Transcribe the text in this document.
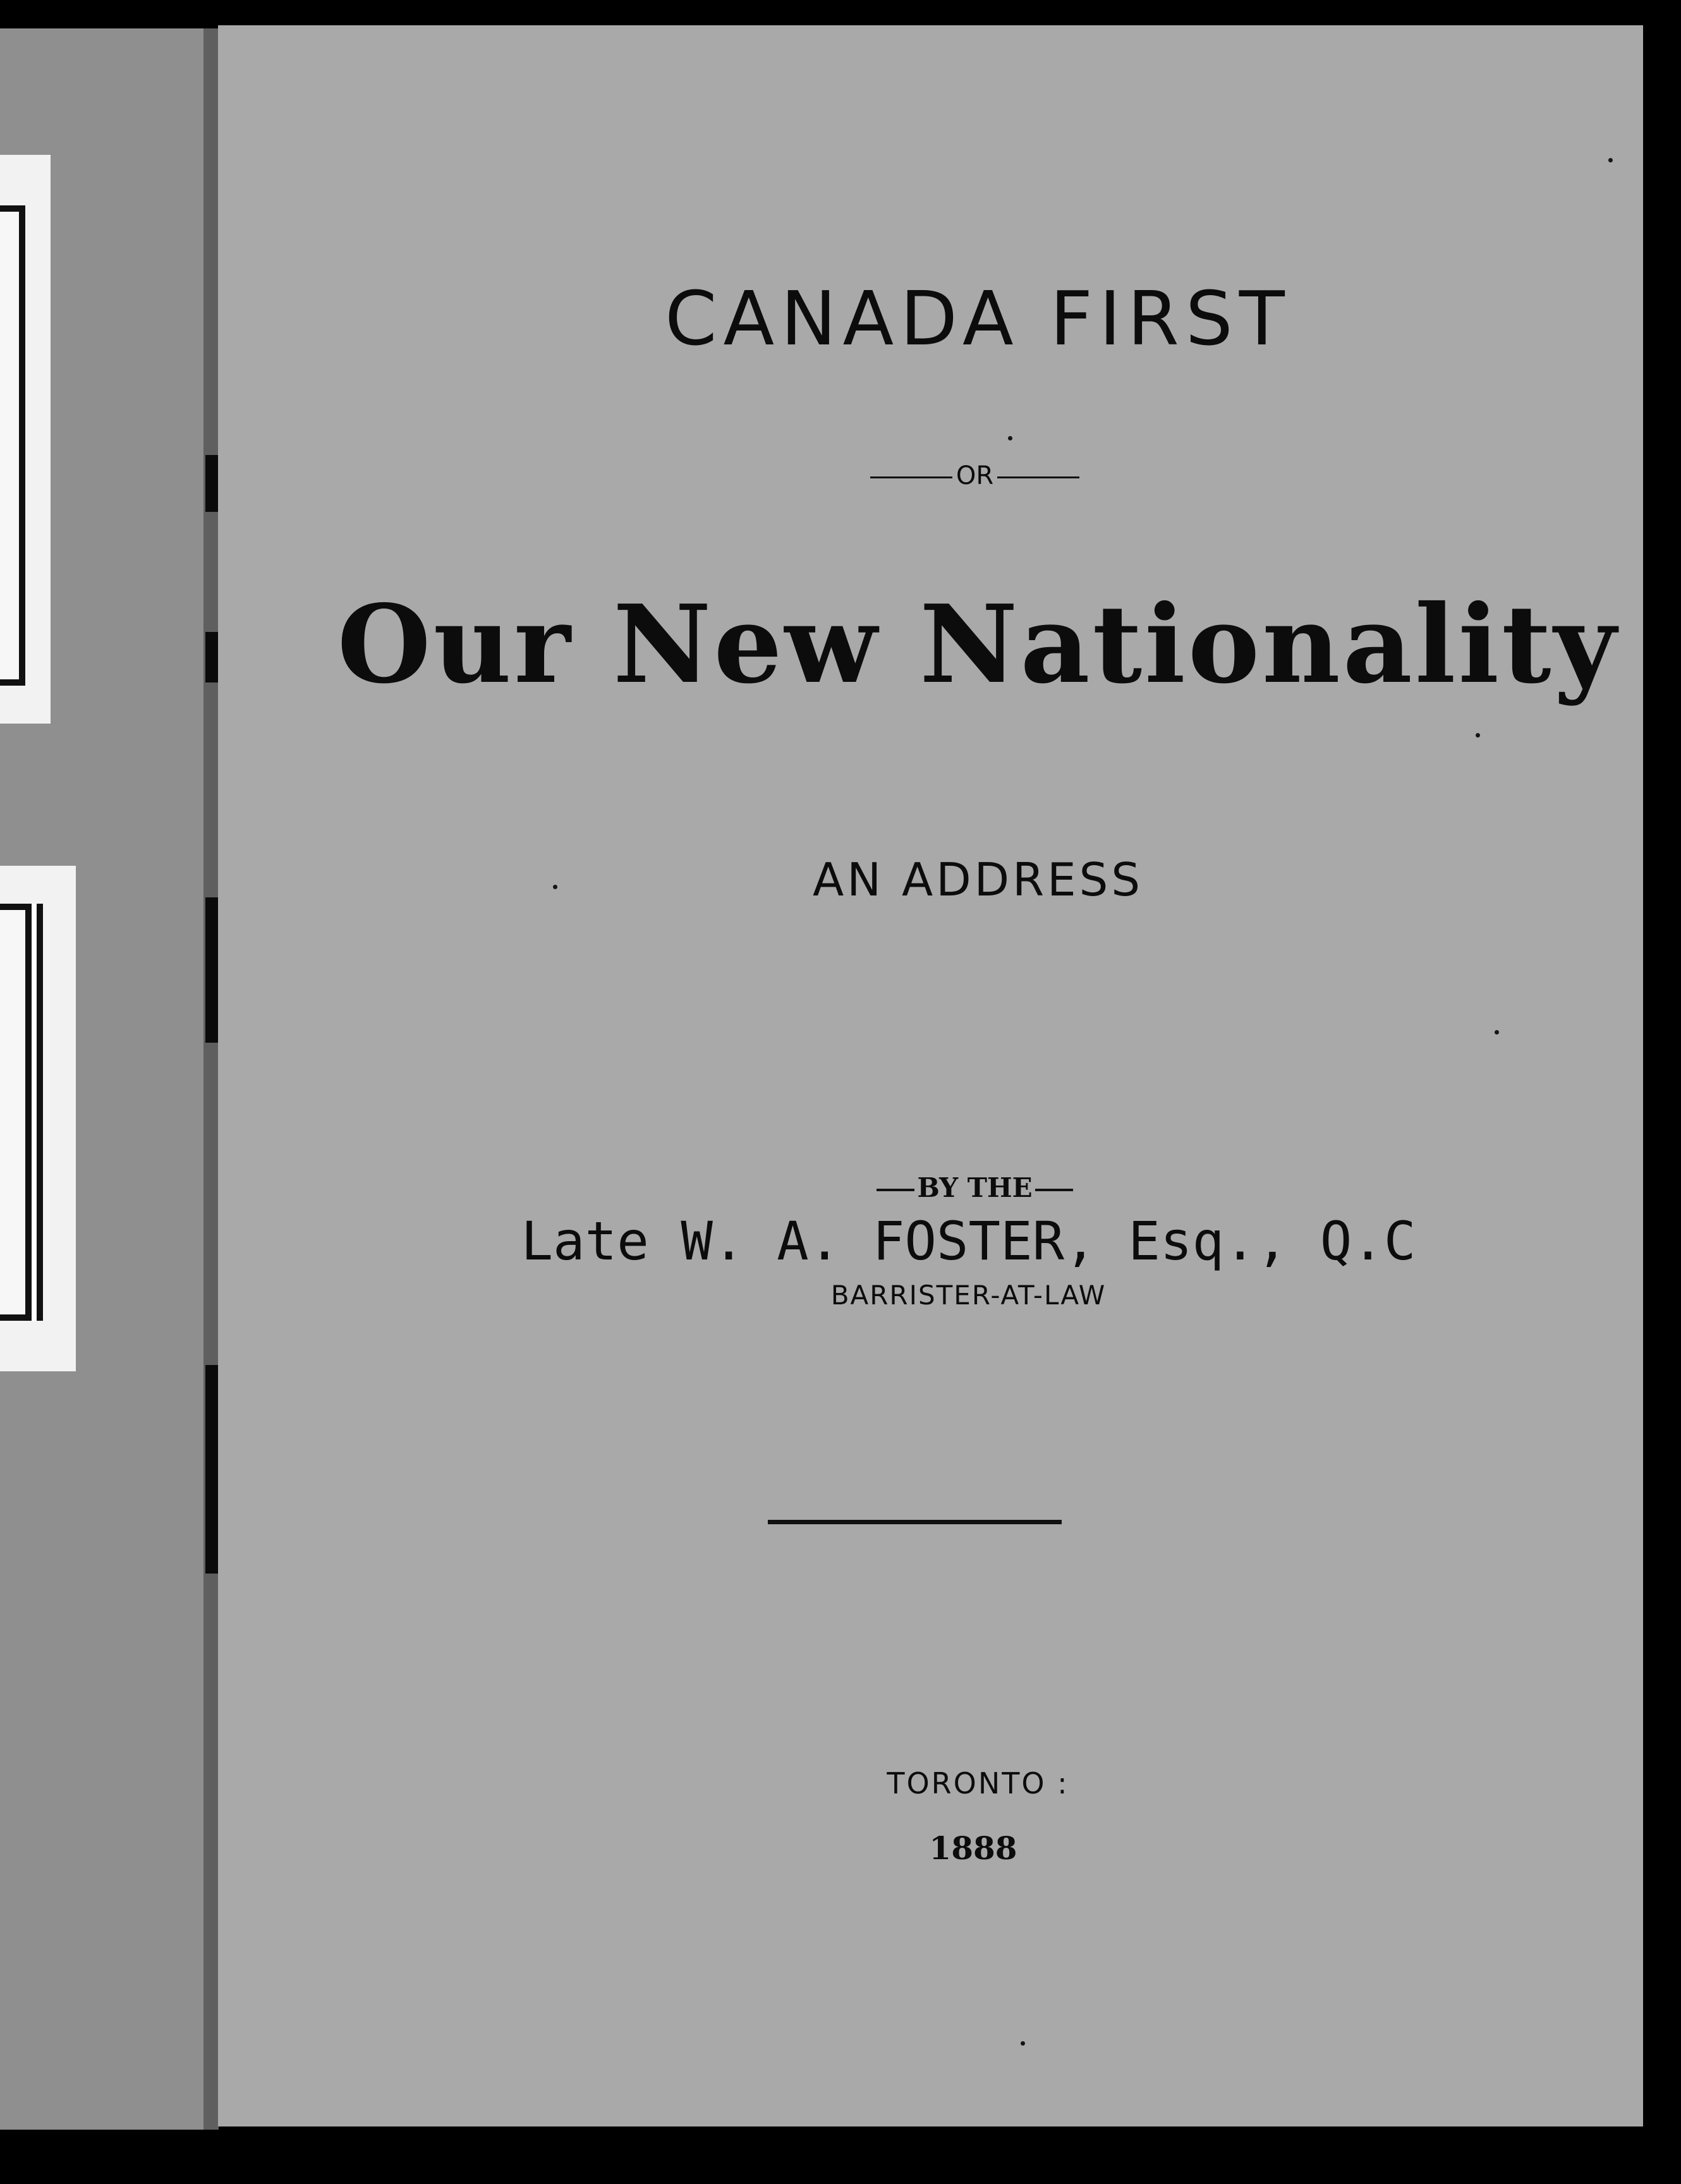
CANADA FIRST
OR
Our New Nationality
AN ADDRESS
BY THE
Late W. A. FOSTER, Esq., Q.C
BARRISTER-AT-LAW
TORONTO :
1888
